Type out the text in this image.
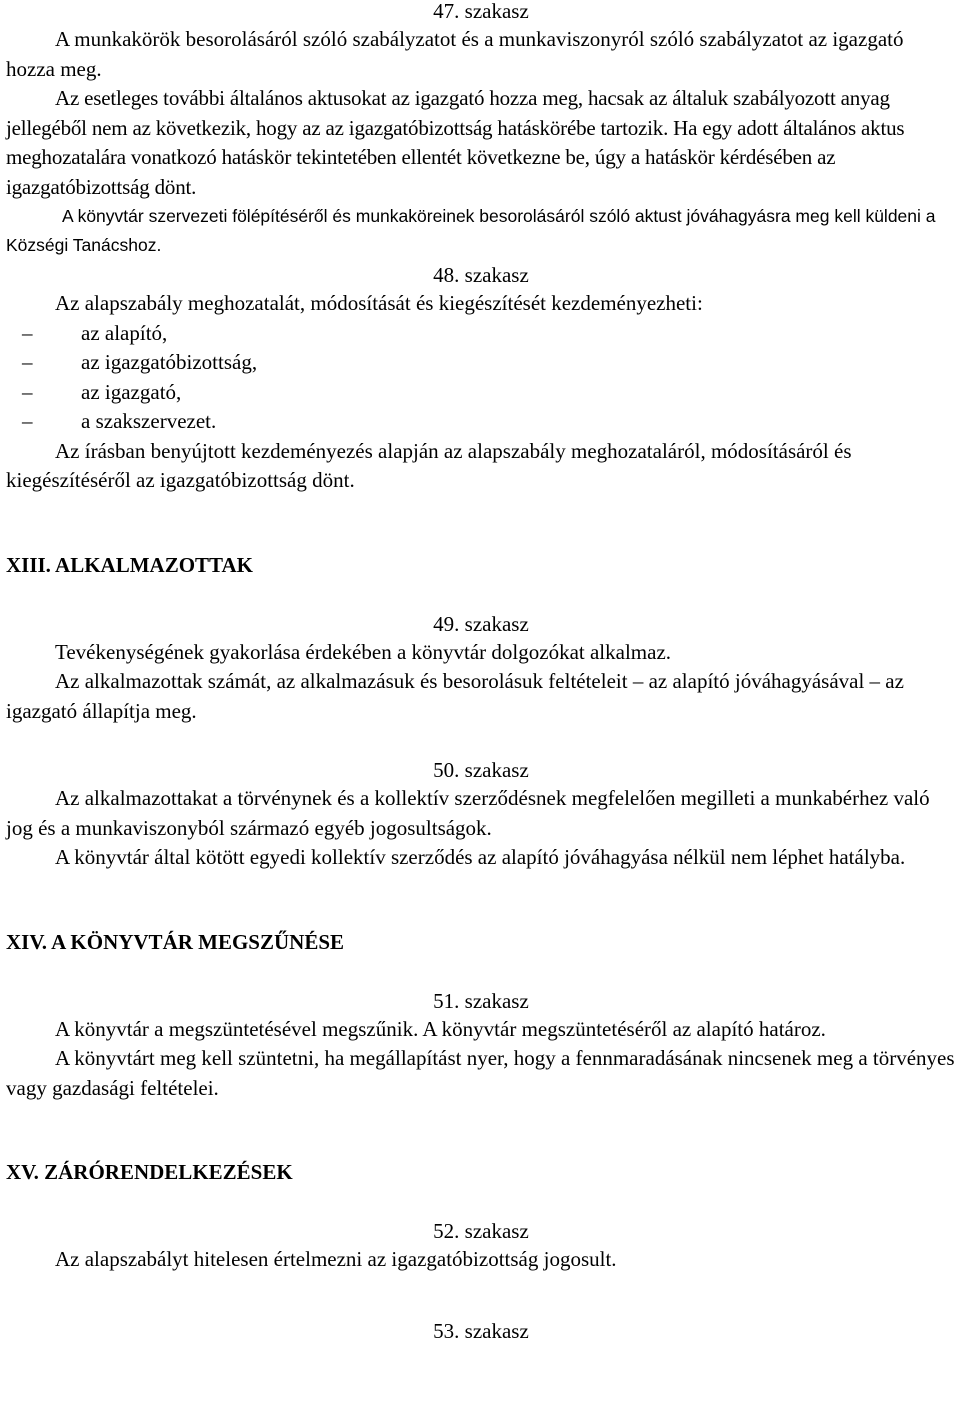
47. szakasz

A munkakörök besorolásáról szóló szabályzatot és a munkaviszonyról szóló szabályzatot az igazgató hozza meg.

Az esetleges további általános aktusokat az igazgató hozza meg, hacsak az általuk szabályozott anyag jellegéből nem az következik, hogy az az igazgatóbizottság hatáskörébe tartozik. Ha egy adott általános aktus meghozatalára vonatkozó hatáskör tekintetében ellentét következne be, úgy a hatáskör kérdésében az igazgatóbizottság dönt.

A könyvtár szervezeti fölépítéséről és munkaköreinek besorolásáról szóló aktust jóváhagyásra meg kell küldeni a Községi Tanácshoz.

48. szakasz

Az alapszabály meghozatalát, módosítását és kiegészítését kezdeményezheti:

– az alapító,
– az igazgatóbizottság,
– az igazgató,
– a szakszervezet.

Az írásban benyújtott kezdeményezés alapján az alapszabály meghozataláról, módosításáról és kiegészítéséről az igazgatóbizottság dönt.

XIII. ALKALMAZOTTAK
49. szakasz

Tevékenységének gyakorlása érdekében a könyvtár dolgozókat alkalmaz.

Az alkalmazottak számát, az alkalmazásuk és besorolásuk feltételeit – az alapító jóváhagyásával – az igazgató állapítja meg.

50. szakasz

Az alkalmazottakat a törvénynek és a kollektív szerződésnek megfelelően megilleti a munkabérhez való jog és a munkaviszonyból származó egyéb jogosultságok.

A könyvtár által kötött egyedi kollektív szerződés az alapító jóváhagyása nélkül nem léphet hatályba.

XIV. A KÖNYVTÁR MEGSZŰNÉSE
51. szakasz

A könyvtár a megszüntetésével megszűnik. A könyvtár megszüntetéséről az alapító határoz.

A könyvtárt meg kell szüntetni, ha megállapítást nyer, hogy a fennmaradásának nincsenek meg a törvényes vagy gazdasági feltételei.

XV. ZÁRÓRENDELKEZÉSEK
52. szakasz

Az alapszabályt hitelesen értelmezni az igazgatóbizottság jogosult.

53. szakasz
